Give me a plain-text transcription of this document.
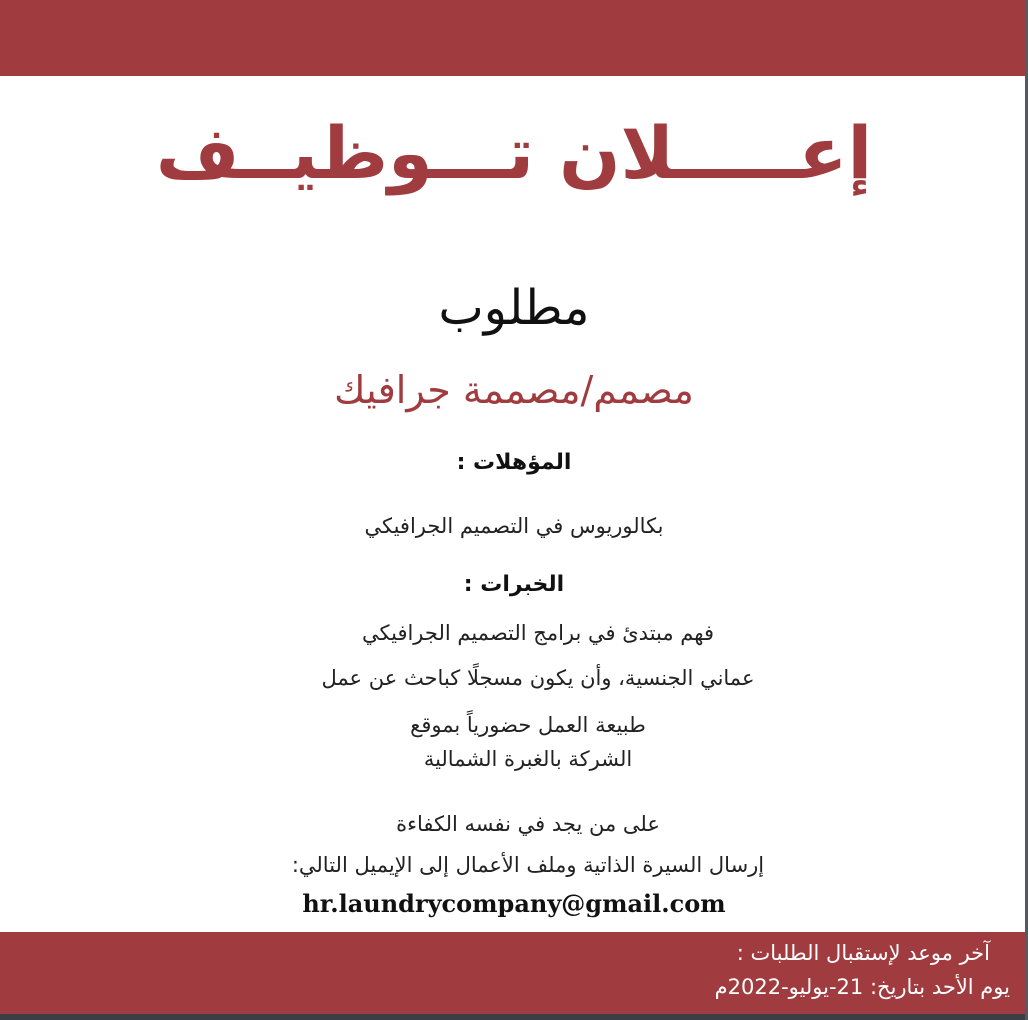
إعـــــلان تـــوظيــف
مطلوب
مصمم/مصممة جرافيك
المؤهلات :
بكالوريوس في التصميم الجرافيكي
الخبرات :
فهم مبتدئ في برامج التصميم الجرافيكي
عماني الجنسية، وأن يكون مسجلًا كباحث عن عمل
طبيعة العمل حضورياً بموقع
الشركة بالغبرة الشمالية
على من يجد في نفسه الكفاءة
إرسال السيرة الذاتية وملف الأعمال إلى الإيميل التالي:
hr.laundrycompany@gmail.com
آخر موعد لإستقبال الطلبات :
يوم الأحد بتاريخ: 21-يوليو-2022م
